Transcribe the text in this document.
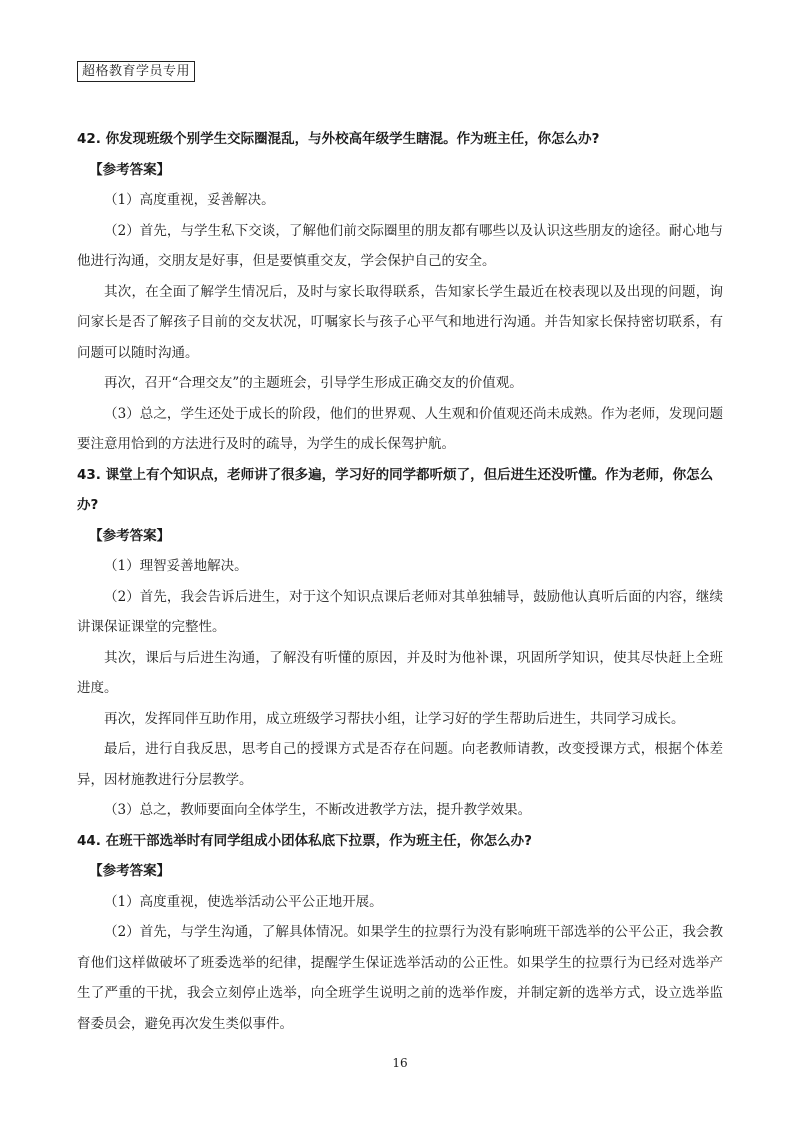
超格教育学员专用

42. 你发现班级个别学生交际圈混乱，与外校高年级学生瞎混。作为班主任，你怎么办?

【参考答案】

（1）高度重视，妥善解决。

（2）首先，与学生私下交谈，了解他们前交际圈里的朋友都有哪些以及认识这些朋友的途径。耐心地与他进行沟通，交朋友是好事，但是要慎重交友，学会保护自己的安全。

其次，在全面了解学生情况后，及时与家长取得联系，告知家长学生最近在校表现以及出现的问题，询问家长是否了解孩子目前的交友状况，叮嘱家长与孩子心平气和地进行沟通。并告知家长保持密切联系，有问题可以随时沟通。

再次，召开“合理交友”的主题班会，引导学生形成正确交友的价值观。

（3）总之，学生还处于成长的阶段，他们的世界观、人生观和价值观还尚未成熟。作为老师，发现问题要注意用恰到的方法进行及时的疏导，为学生的成长保驾护航。

43. 课堂上有个知识点，老师讲了很多遍，学习好的同学都听烦了，但后进生还没听懂。作为老师，你怎么办?

【参考答案】

（1）理智妥善地解决。

（2）首先，我会告诉后进生，对于这个知识点课后老师对其单独辅导，鼓励他认真听后面的内容，继续讲课保证课堂的完整性。

其次，课后与后进生沟通，了解没有听懂的原因，并及时为他补课，巩固所学知识，使其尽快赶上全班进度。

再次，发挥同伴互助作用，成立班级学习帮扶小组，让学习好的学生帮助后进生，共同学习成长。

最后，进行自我反思，思考自己的授课方式是否存在问题。向老教师请教，改变授课方式，根据个体差异，因材施教进行分层教学。

（3）总之，教师要面向全体学生，不断改进教学方法，提升教学效果。

44. 在班干部选举时有同学组成小团体私底下拉票，作为班主任，你怎么办?

【参考答案】

（1）高度重视，使选举活动公平公正地开展。

（2）首先，与学生沟通，了解具体情况。如果学生的拉票行为没有影响班干部选举的公平公正，我会教育他们这样做破坏了班委选举的纪律，提醒学生保证选举活动的公正性。如果学生的拉票行为已经对选举产生了严重的干扰，我会立刻停止选举，向全班学生说明之前的选举作废，并制定新的选举方式，设立选举监督委员会，避免再次发生类似事件。

16
